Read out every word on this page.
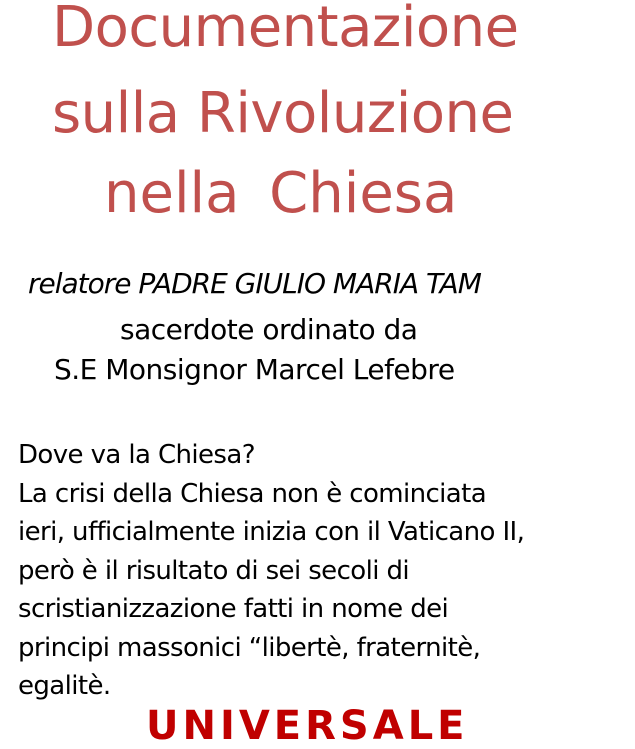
Documentazione
sulla Rivoluzione
nella Chiesa
relatore PADRE GIULIO MARIA TAM
sacerdote ordinato da
S.E Monsignor Marcel Lefebre
Dove va la Chiesa?
La crisi della Chiesa non è cominciata
ieri, ufficialmente inizia con il Vaticano II,
però è il risultato di sei secoli di
scristianizzazione fatti in nome dei
principi massonici “libertè, fraternitè,
egalitè.
UNIVERSALE
